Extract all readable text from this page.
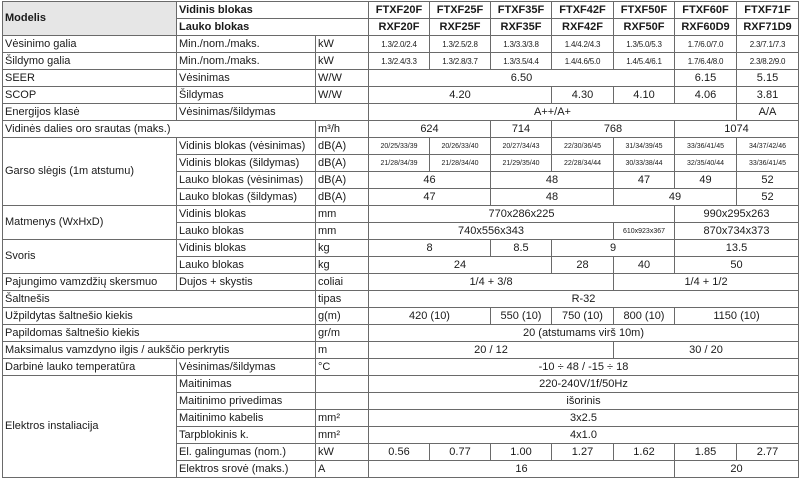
Modelis	Vidinis blokas		FTXF20F	FTXF25F	FTXF35F	FTXF42F	FTXF50F	FTXF60F	FTXF71F
	Lauko blokas		RXF20F	RXF25F	RXF35F	RXF42F	RXF50F	RXF60D9	RXF71D9
Vėsinimo galia	Min./nom./maks.	kW	1.3/2.0/2.4	1.3/2.5/2.8	1.3/3.3/3.8	1.4/4.2/4.3	1.3/5.0/5.3	1.7/6.0/7.0	2.3/7.1/7.3
Šildymo galia	Min./nom./maks.	kW	1.3/2.4/3.3	1.3/2.8/3.7	1.3/3.5/4.4	1.4/4.6/5.0	1.4/5.4/6.1	1.7/6.4/8.0	2.3/8.2/9.0
SEER	Vėsinimas	W/W	6.50					6.15	5.15
SCOP	Šildymas	W/W	4.20			4.30	4.10	4.06	3.81
Energijos klasė	Vėsinimas/šildymas		A++/A+						A/A
Vidinės dalies oro srautas (maks.)		m³/h	624		714	768		1074	
Garso slėgis (1m atstumu)	Vidinis blokas (vėsinimas)	dB(A)	20/25/33/39	20/26/33/40	20/27/34/43	22/30/36/45	31/34/39/45	33/36/41/45	34/37/42/46
	Vidinis blokas (šildymas)	dB(A)	21/28/34/39	21/28/34/40	21/29/35/40	22/28/34/44	30/33/38/44	32/35/40/44	33/36/41/45
	Lauko blokas (vėsinimas)	dB(A)	46		48		47	49	52
	Lauko blokas (šildymas)	dB(A)	47		48		49		52
Matmenys (WxHxD)	Vidinis blokas	mm	770x286x225					990x295x263	
	Lauko blokas	mm	740x556x343				610x923x367	870x734x373	
Svoris	Vidinis blokas	kg	8		8.5	9		13.5	
	Lauko blokas	kg	24			28	40	50	
Pajungimo vamzdžių skersmuo	Dujos + skystis	coliai	1/4 + 3/8				1/4 + 1/2		
Šaltnešis		tipas	R-32						
Užpildytas šaltnešio kiekis		g(m)	420 (10)		550 (10)	750 (10)	800 (10)	1150 (10)	
Papildomas šaltnešio kiekis		gr/m	20 (atstumams virš 10m)						
Maksimalus vamzdyno ilgis / aukščio perkrytis		m	20 / 12				30 / 20		
Darbinė lauko temperatūra	Vėsinimas/šildymas	°C	-10 ÷ 48 / -15 ÷ 18						
Elektros instaliacija	Maitinimas		220-240V/1f/50Hz						
	Maitinimo privedimas		išorinis						
	Maitinimo kabelis	mm²	3x2.5						
	Tarpblokinis k.	mm²	4x1.0						
	El. galingumas (nom.)	kW	0.56	0.77	1.00	1.27	1.62	1.85	2.77
	Elektros srovė (maks.)	A	16					20	
